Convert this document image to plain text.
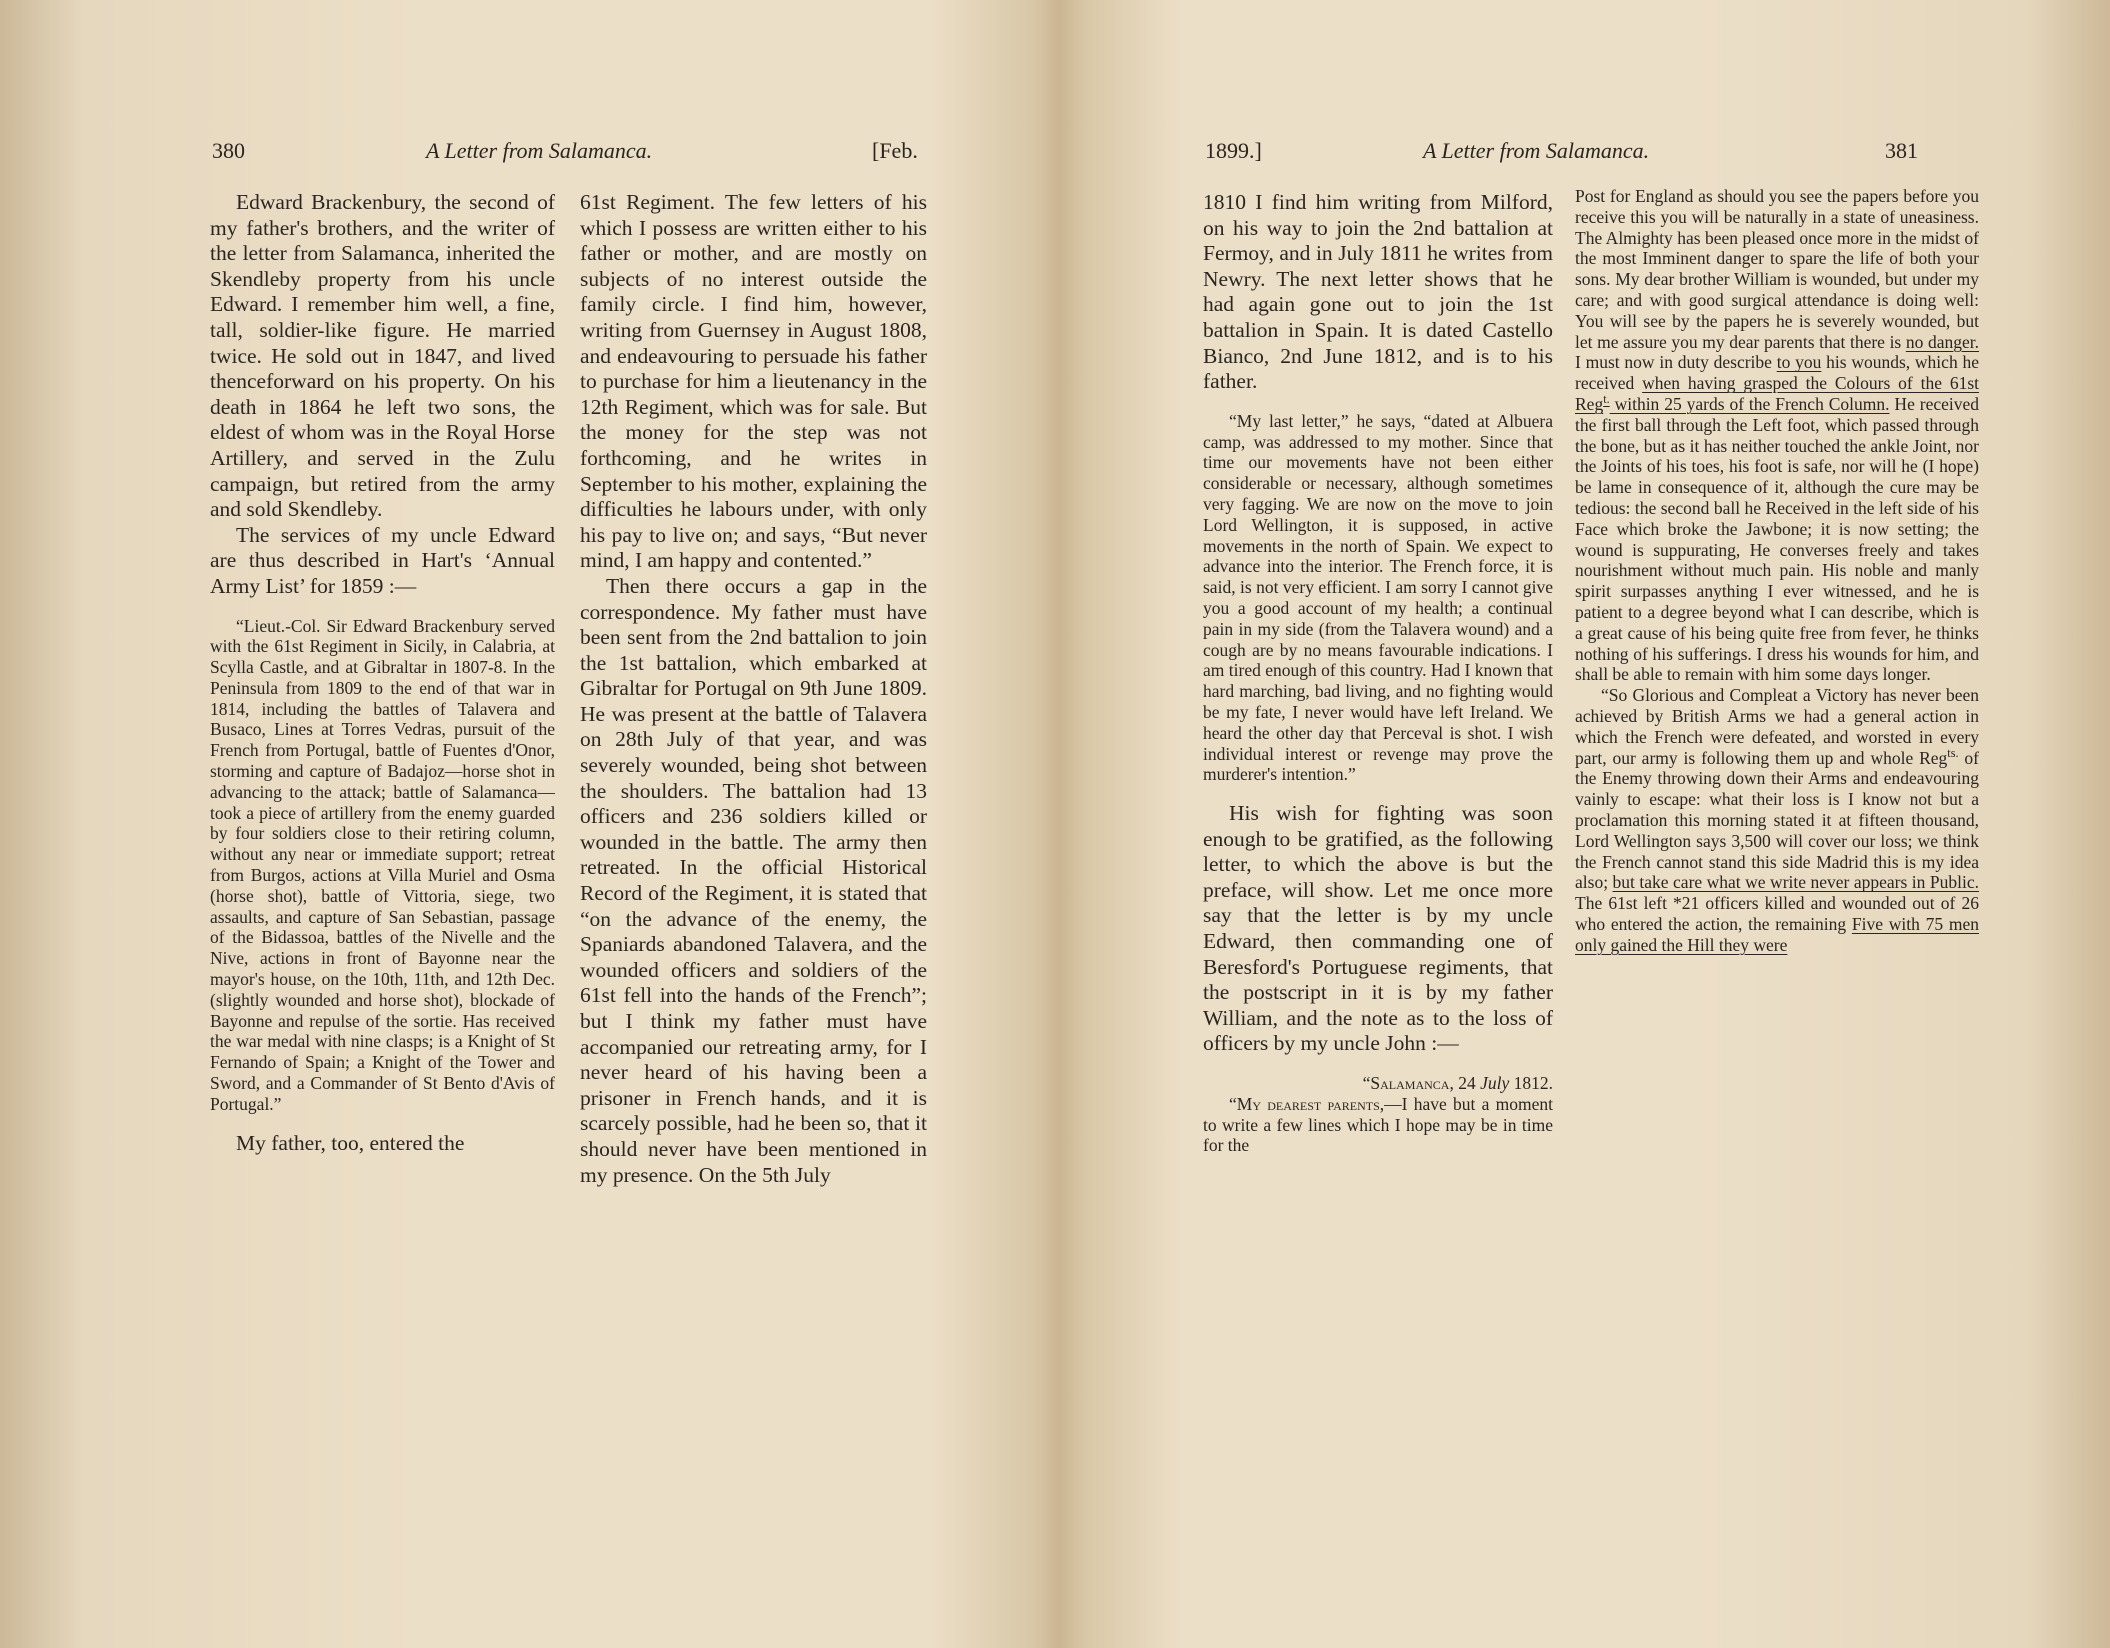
380	A Letter from Salamanca.	[Feb.

Edward Brackenbury, the second of my father's brothers, and the writer of the letter from Salamanca, inherited the Skendleby property from his uncle Edward. I remember him well, a fine, tall, soldier-like figure. He married twice. He sold out in 1847, and lived thenceforward on his property. On his death in 1864 he left two sons, the eldest of whom was in the Royal Horse Artillery, and served in the Zulu campaign, but retired from the army and sold Skendleby.

The services of my uncle Edward are thus described in Hart's ‘Annual Army List’ for 1859 :—

“Lieut.-Col. Sir Edward Brackenbury served with the 61st Regiment in Sicily, in Calabria, at Scylla Castle, and at Gibraltar in 1807-8. In the Peninsula from 1809 to the end of that war in 1814, including the battles of Talavera and Busaco, Lines at Torres Vedras, pursuit of the French from Portugal, battle of Fuentes d'Onor, storming and capture of Badajoz—horse shot in advancing to the attack; battle of Salamanca—took a piece of artillery from the enemy guarded by four soldiers close to their retiring column, without any near or immediate support; retreat from Burgos, actions at Villa Muriel and Osma (horse shot), battle of Vittoria, siege, two assaults, and capture of San Sebastian, passage of the Bidassoa, battles of the Nivelle and the Nive, actions in front of Bayonne near the mayor's house, on the 10th, 11th, and 12th Dec. (slightly wounded and horse shot), blockade of Bayonne and repulse of the sortie. Has received the war medal with nine clasps; is a Knight of St Fernando of Spain; a Knight of the Tower and Sword, and a Commander of St Bento d'Avis of Portugal.”

My father, too, entered the

61st Regiment. The few letters of his which I possess are written either to his father or mother, and are mostly on subjects of no interest outside the family circle. I find him, however, writing from Guernsey in August 1808, and endeavouring to persuade his father to purchase for him a lieutenancy in the 12th Regiment, which was for sale. But the money for the step was not forthcoming, and he writes in September to his mother, explaining the difficulties he labours under, with only his pay to live on; and says, “But never mind, I am happy and contented.”

Then there occurs a gap in the correspondence. My father must have been sent from the 2nd battalion to join the 1st battalion, which embarked at Gibraltar for Portugal on 9th June 1809. He was present at the battle of Talavera on 28th July of that year, and was severely wounded, being shot between the shoulders. The battalion had 13 officers and 236 soldiers killed or wounded in the battle. The army then retreated. In the official Historical Record of the Regiment, it is stated that “on the advance of the enemy, the Spaniards abandoned Talavera, and the wounded officers and soldiers of the 61st fell into the hands of the French”; but I think my father must have accompanied our retreating army, for I never heard of his having been a prisoner in French hands, and it is scarcely possible, had he been so, that it should never have been mentioned in my presence. On the 5th July

1899.]	A Letter from Salamanca.	381

1810 I find him writing from Milford, on his way to join the 2nd battalion at Fermoy, and in July 1811 he writes from Newry. The next letter shows that he had again gone out to join the 1st battalion in Spain. It is dated Castello Bianco, 2nd June 1812, and is to his father.

“My last letter,” he says, “dated at Albuera camp, was addressed to my mother. Since that time our movements have not been either considerable or necessary, although sometimes very fagging. We are now on the move to join Lord Wellington, it is supposed, in active movements in the north of Spain. We expect to advance into the interior. The French force, it is said, is not very efficient. I am sorry I cannot give you a good account of my health; a continual pain in my side (from the Talavera wound) and a cough are by no means favourable indications. I am tired enough of this country. Had I known that hard marching, bad living, and no fighting would be my fate, I never would have left Ireland. We heard the other day that Perceval is shot. I wish individual interest or revenge may prove the murderer's intention.”

His wish for fighting was soon enough to be gratified, as the following letter, to which the above is but the preface, will show. Let me once more say that the letter is by my uncle Edward, then commanding one of Beresford's Portuguese regiments, that the postscript in it is by my father William, and the note as to the loss of officers by my uncle John :—

“Salamanca, 24 July 1812.

“My dearest parents,—I have but a moment to write a few lines which I hope may be in time for the

Post for England as should you see the papers before you receive this you will be naturally in a state of uneasiness. The Almighty has been pleased once more in the midst of the most Imminent danger to spare the life of both your sons. My dear brother William is wounded, but under my care; and with good surgical attendance is doing well: You will see by the papers he is severely wounded, but let me assure you my dear parents that there is no danger. I must now in duty describe to you his wounds, which he received when having grasped the Colours of the 61st Reg$^{t.}$ within 25 yards of the French Column. He received the first ball through the Left foot, which passed through the bone, but as it has neither touched the ankle Joint, nor the Joints of his toes, his foot is safe, nor will he (I hope) be lame in consequence of it, although the cure may be tedious: the second ball he Received in the left side of his Face which broke the Jawbone; it is now setting; the wound is suppurating, He converses freely and takes nourishment without much pain. His noble and manly spirit surpasses anything I ever witnessed, and he is patient to a degree beyond what I can describe, which is a great cause of his being quite free from fever, he thinks nothing of his sufferings. I dress his wounds for him, and shall be able to remain with him some days longer.

“So Glorious and Compleat a Victory has never been achieved by British Arms we had a general action in which the French were defeated, and worsted in every part, our army is following them up and whole Reg$^{ts.}$ of the Enemy throwing down their Arms and endeavouring vainly to escape: what their loss is I know not but a proclamation this morning stated it at fifteen thousand, Lord Wellington says 3,500 will cover our loss; we think the French cannot stand this side Madrid this is my idea also; but take care what we write never appears in Public. The 61st left *21 officers killed and wounded out of 26 who entered the action, the remaining Five with 75 men only gained the Hill they were
